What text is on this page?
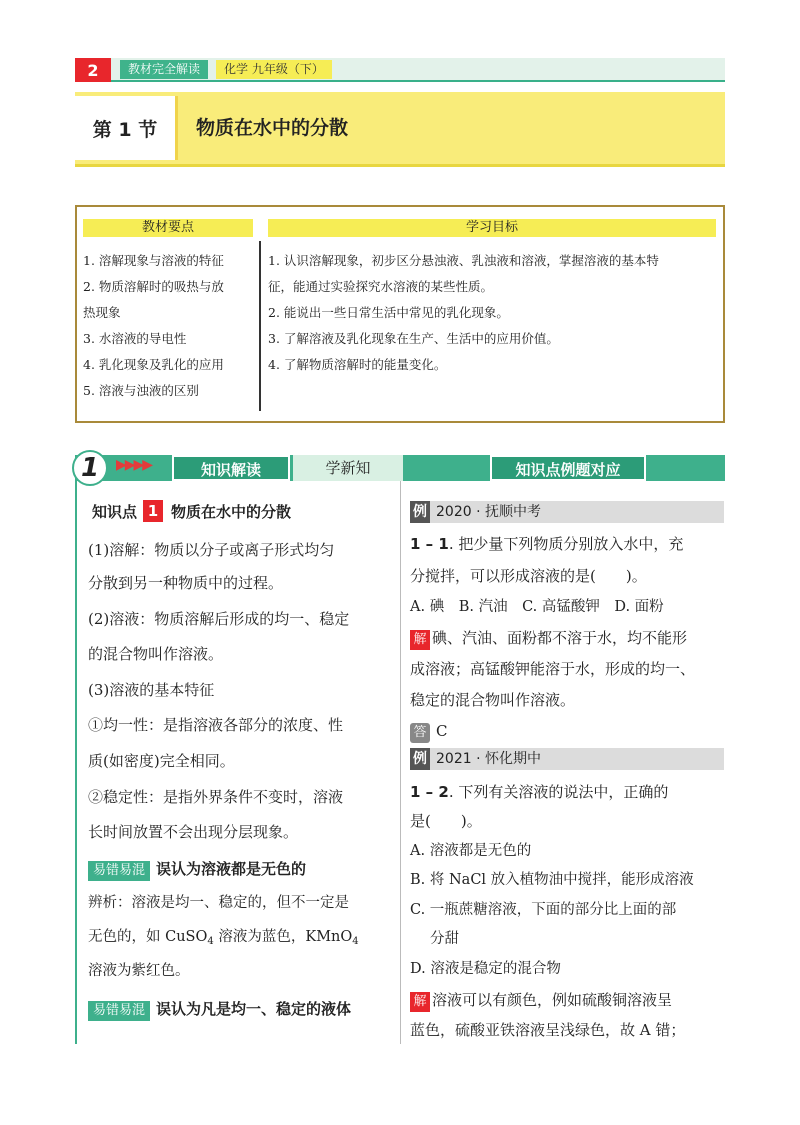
2	教材完全解读	化学 九年级（下）
第 1 节	物质在水中的分散
教材要点	学习目标
1. 溶解现象与溶液的特征
2. 物质溶解时的吸热与放
热现象
3. 水溶液的导电性
4. 乳化现象及乳化的应用
5. 溶液与浊液的区别
1. 认识溶解现象，初步区分悬浊液、乳浊液和溶液，掌握溶液的基本特
征，能通过实验探究水溶液的某些性质。
2. 能说出一些日常生活中常见的乳化现象。
3. 了解溶液及乳化现象在生产、生活中的应用价值。
4. 了解物质溶解时的能量变化。
1	▶▶▶▶	知识解读	学新知	知识点例题对应
知识点 1 物质在水中的分散
(1)溶解：物质以分子或离子形式均匀
分散到另一种物质中的过程。
(2)溶液：物质溶解后形成的均一、稳定
的混合物叫作溶液。
(3)溶液的基本特征
①均一性：是指溶液各部分的浓度、性
质(如密度)完全相同。
②稳定性：是指外界条件不变时，溶液
长时间放置不会出现分层现象。
易错易混 误认为溶液都是无色的
辨析：溶液是均一、稳定的，但不一定是
无色的，如 CuSO$_4$ 溶液为蓝色，KMnO$_4$
溶液为紫红色。
易错易混 误认为凡是均一、稳定的液体
例 2020 · 抚顺中考
1 – 1. 把少量下列物质分别放入水中，充
分搅拌，可以形成溶液的是(　　)。
A. 碘　B. 汽油　C. 高锰酸钾　D. 面粉
解 碘、汽油、面粉都不溶于水，均不能形
成溶液；高锰酸钾能溶于水，形成的均一、
稳定的混合物叫作溶液。
答 C
例 2021 · 怀化期中
1 – 2. 下列有关溶液的说法中，正确的
是(　　)。
A. 溶液都是无色的
B. 将 NaCl 放入植物油中搅拌，能形成溶液
C. 一瓶蔗糖溶液，下面的部分比上面的部
分甜
D. 溶液是稳定的混合物
解 溶液可以有颜色，例如硫酸铜溶液呈
蓝色，硫酸亚铁溶液呈浅绿色，故 A 错；
